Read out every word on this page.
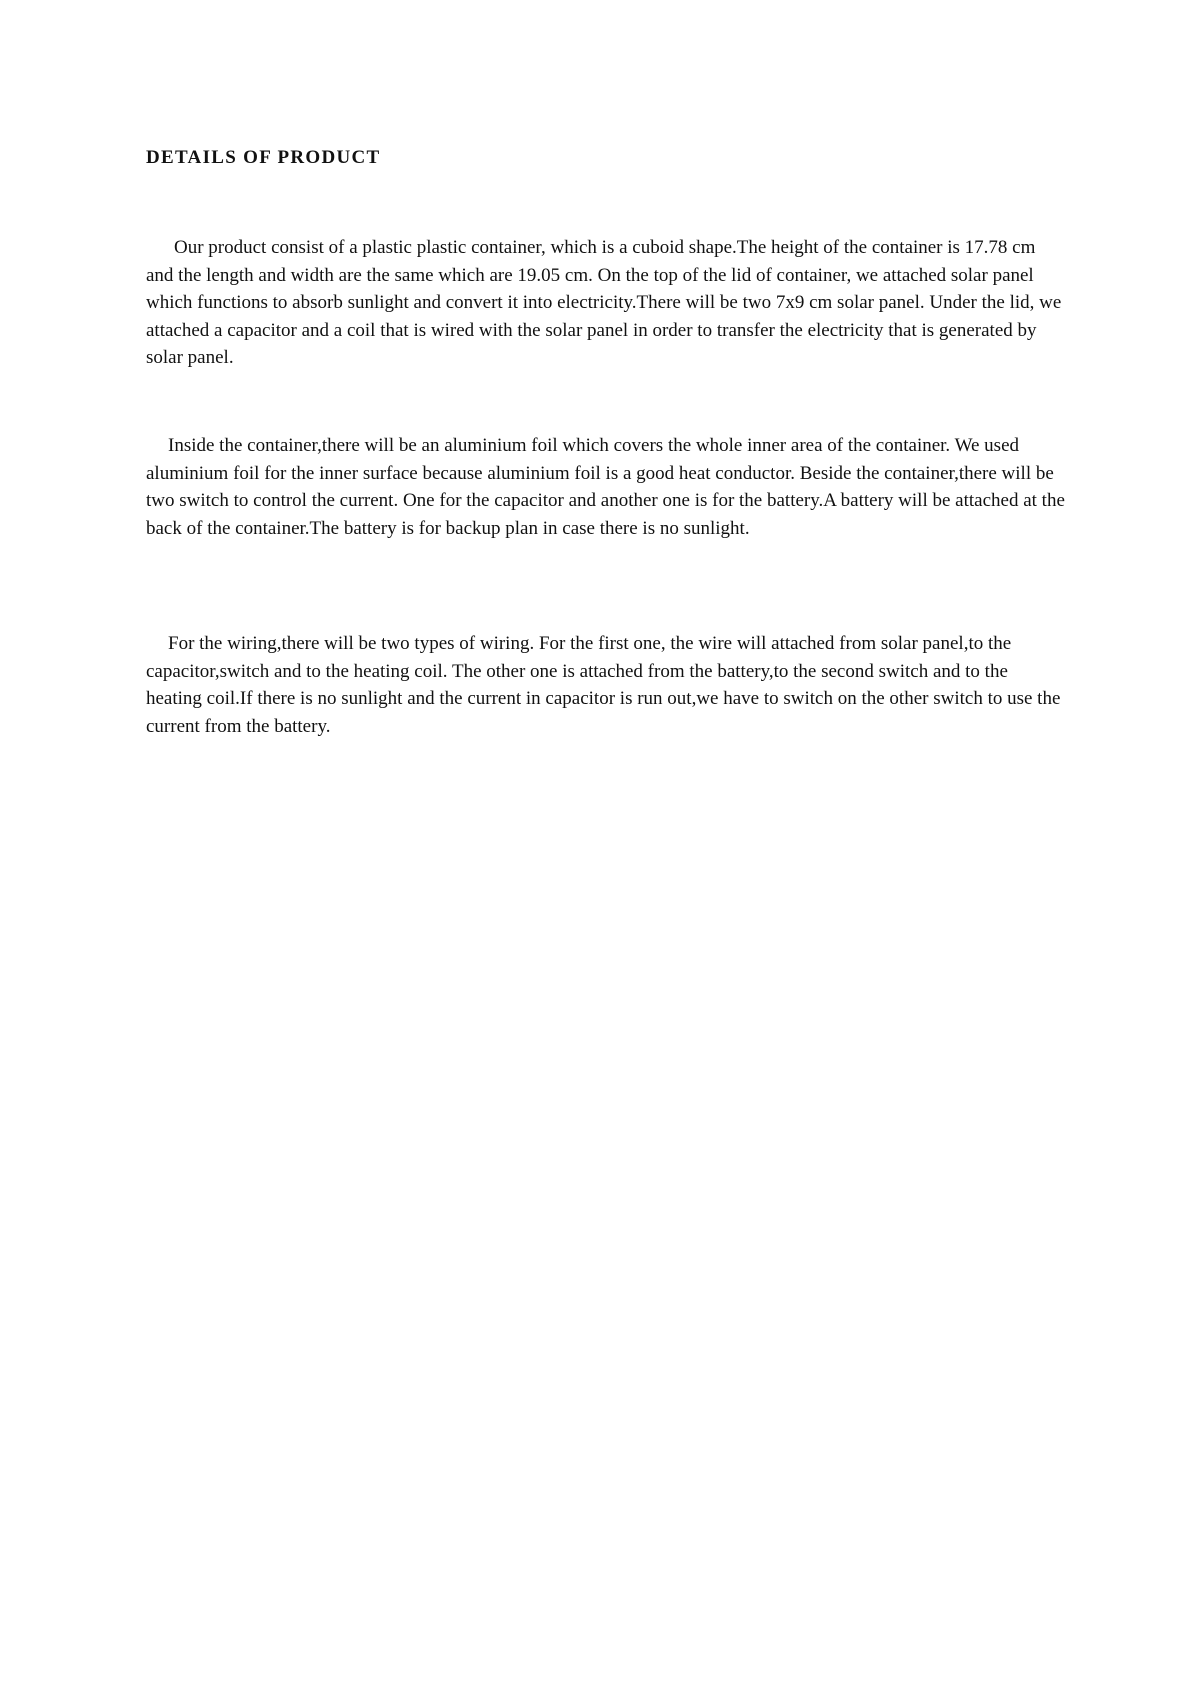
DETAILS OF PRODUCT

Our product consist of a plastic plastic container, which is a cuboid shape.The height of the container is 17.78 cm and the length and width are the same which are 19.05 cm. On the top of the lid of container, we attached solar panel which functions to absorb sunlight and convert it into electricity.There will be two 7x9 cm solar panel. Under the lid, we attached a capacitor and a coil that is wired with the solar panel in order to transfer the electricity that is generated by solar panel.

Inside the container,there will be an aluminium foil which covers the whole inner area of the container. We used aluminium foil for the inner surface because aluminium foil is a good heat conductor. Beside the container,there will be two switch to control the current. One for the capacitor and another one is for the battery.A battery will be attached at the back of the container.The battery is for backup plan in case there is no sunlight.

For the wiring,there will be two types of wiring. For the first one, the wire will attached from solar panel,to the capacitor,switch and to the heating coil. The other one is attached from the battery,to the second switch and to the heating coil.If there is no sunlight and the current in capacitor is run out,we have to switch on the other switch to use the current from the battery.
